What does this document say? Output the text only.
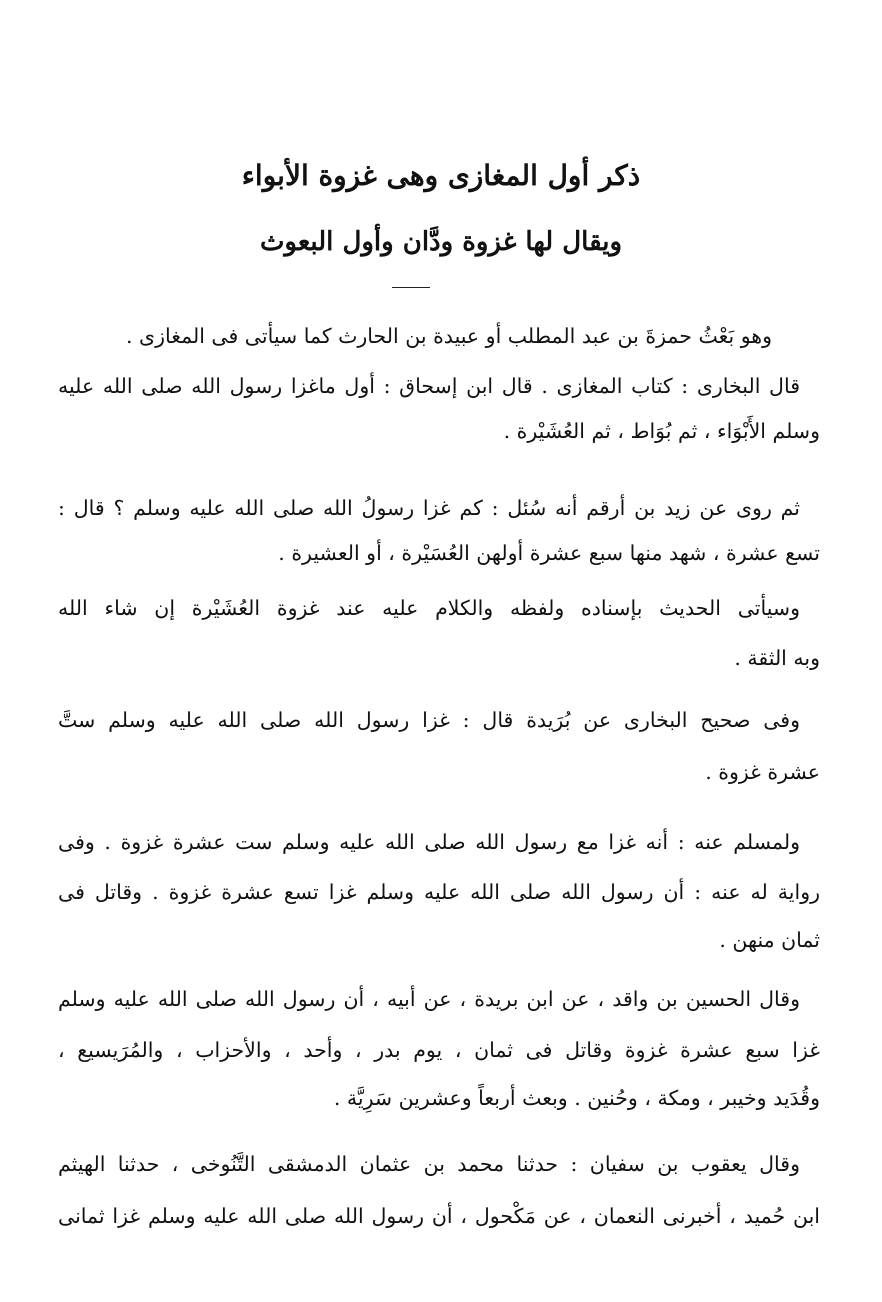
ذكر أول المغازى وهى غزوة الأبواء
ويقال لها غزوة ودَّان وأول البعوث

وهو بَعْثُ حمزةَ بن عبد المطلب أو عبيدة بن الحارث كما سيأتى فى المغازى .

قال البخارى : كتاب المغازى . قال ابن إسحاق : أول ماغزا رسول الله صلى الله عليه

وسلم الأَبْوَاء ، ثم بُوَاط ، ثم العُشَيْرة .

ثم روى عن زيد بن أرقم أنه سُئل : كم غزا رسولُ الله صلى الله عليه وسلم ؟ قال :

تسع عشرة ، شهد منها سبع عشرة أولهن العُسَيْرة ، أو العشيرة .

وسيأتى الحديث بإسناده ولفظه والكلام عليه عند غزوة العُشَيْرة إن شاء الله

وبه الثقة .

وفى صحيح البخارى عن بُرَيدة قال : غزا رسول الله صلى الله عليه وسلم ستَّ

عشرة غزوة .

ولمسلم عنه : أنه غزا مع رسول الله صلى الله عليه وسلم ست عشرة غزوة . وفى

رواية له عنه : أن رسول الله صلى الله عليه وسلم غزا تسع عشرة غزوة . وقاتل فى

ثمان منهن .

وقال الحسين بن واقد ، عن ابن بريدة ، عن أبيه ، أن رسول الله صلى الله عليه وسلم

غزا سبع عشرة غزوة وقاتل فى ثمان ، يوم بدر ، وأحد ، والأحزاب ، والمُرَيسيع ،

وقُدَيد وخيبر ، ومكة ، وحُنين . وبعث أربعاً وعشرين سَرِيَّة .

وقال يعقوب بن سفيان : حدثنا محمد بن عثمان الدمشقى التَّنُوخى ، حدثنا الهيثم

ابن حُميد ، أخبرنى النعمان ، عن مَكْحول ، أن رسول الله صلى الله عليه وسلم غزا ثمانى
